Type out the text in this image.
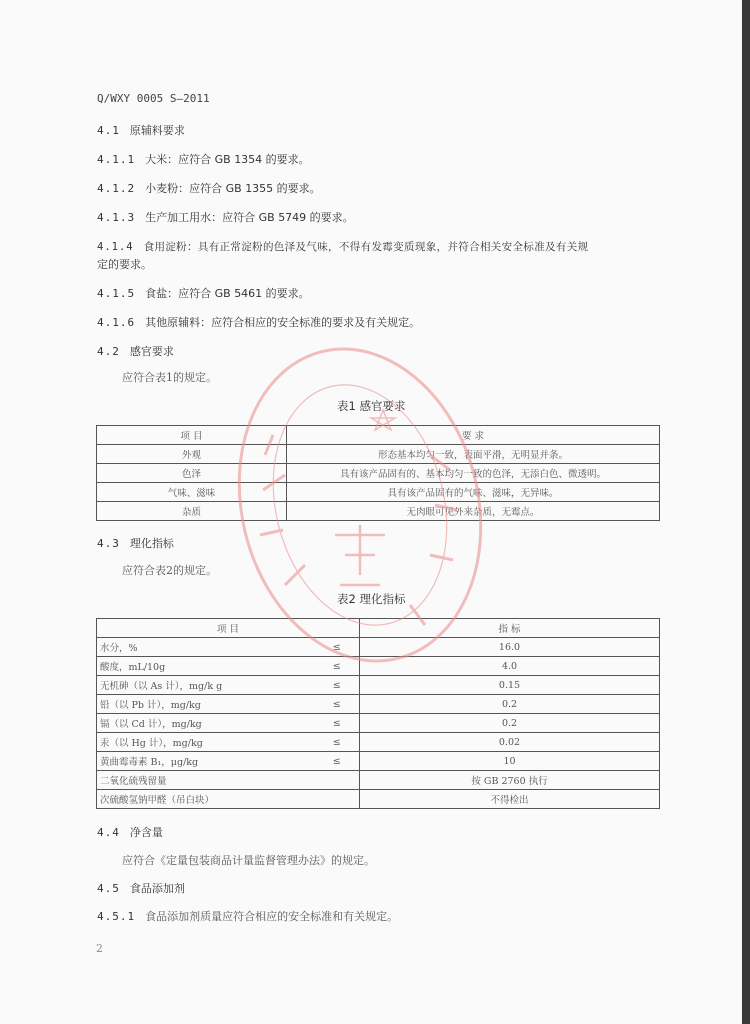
Q/WXY 0005 S—2011
4.1 原辅料要求
4.1.1 大米：应符合 GB 1354 的要求。
4.1.2 小麦粉：应符合 GB 1355 的要求。
4.1.3 生产加工用水：应符合 GB 5749 的要求。
4.1.4 食用淀粉：具有正常淀粉的色泽及气味，不得有发霉变质现象，并符合相关安全标准及有关规
定的要求。
4.1.5 食盐：应符合 GB 5461 的要求。
4.1.6 其他原辅料：应符合相应的安全标准的要求及有关规定。
4.2 感官要求
应符合表1的规定。
表1 感官要求
项 目	要 求
外观	形态基本均匀一致，表面平滑，无明显并条。
色泽	具有该产品固有的、基本均匀一致的色泽，无添白色、微透明。
气味、滋味	具有该产品固有的气味、滋味，无异味。
杂质	无肉眼可见外来杂质，无霉点。
4.3 理化指标
应符合表2的规定。
表2 理化指标
项 目		指 标
水分，%	≤	16.0
酸度，mL/10g	≤	4.0
无机砷（以 As 计），mg/k g	≤	0.15
铅（以 Pb 计），mg/kg	≤	0.2
镉（以 Cd 计），mg/kg	≤	0.2
汞（以 Hg 计），mg/kg	≤	0.02
黄曲霉毒素 B₁，μg/kg	≤	10
二氧化硫残留量		按 GB 2760 执行
次硫酸氢钠甲醛（吊白块）		不得检出
4.4 净含量
应符合《定量包装商品计量监督管理办法》的规定。
4.5 食品添加剂
4.5.1 食品添加剂质量应符合相应的安全标准和有关规定。
2
